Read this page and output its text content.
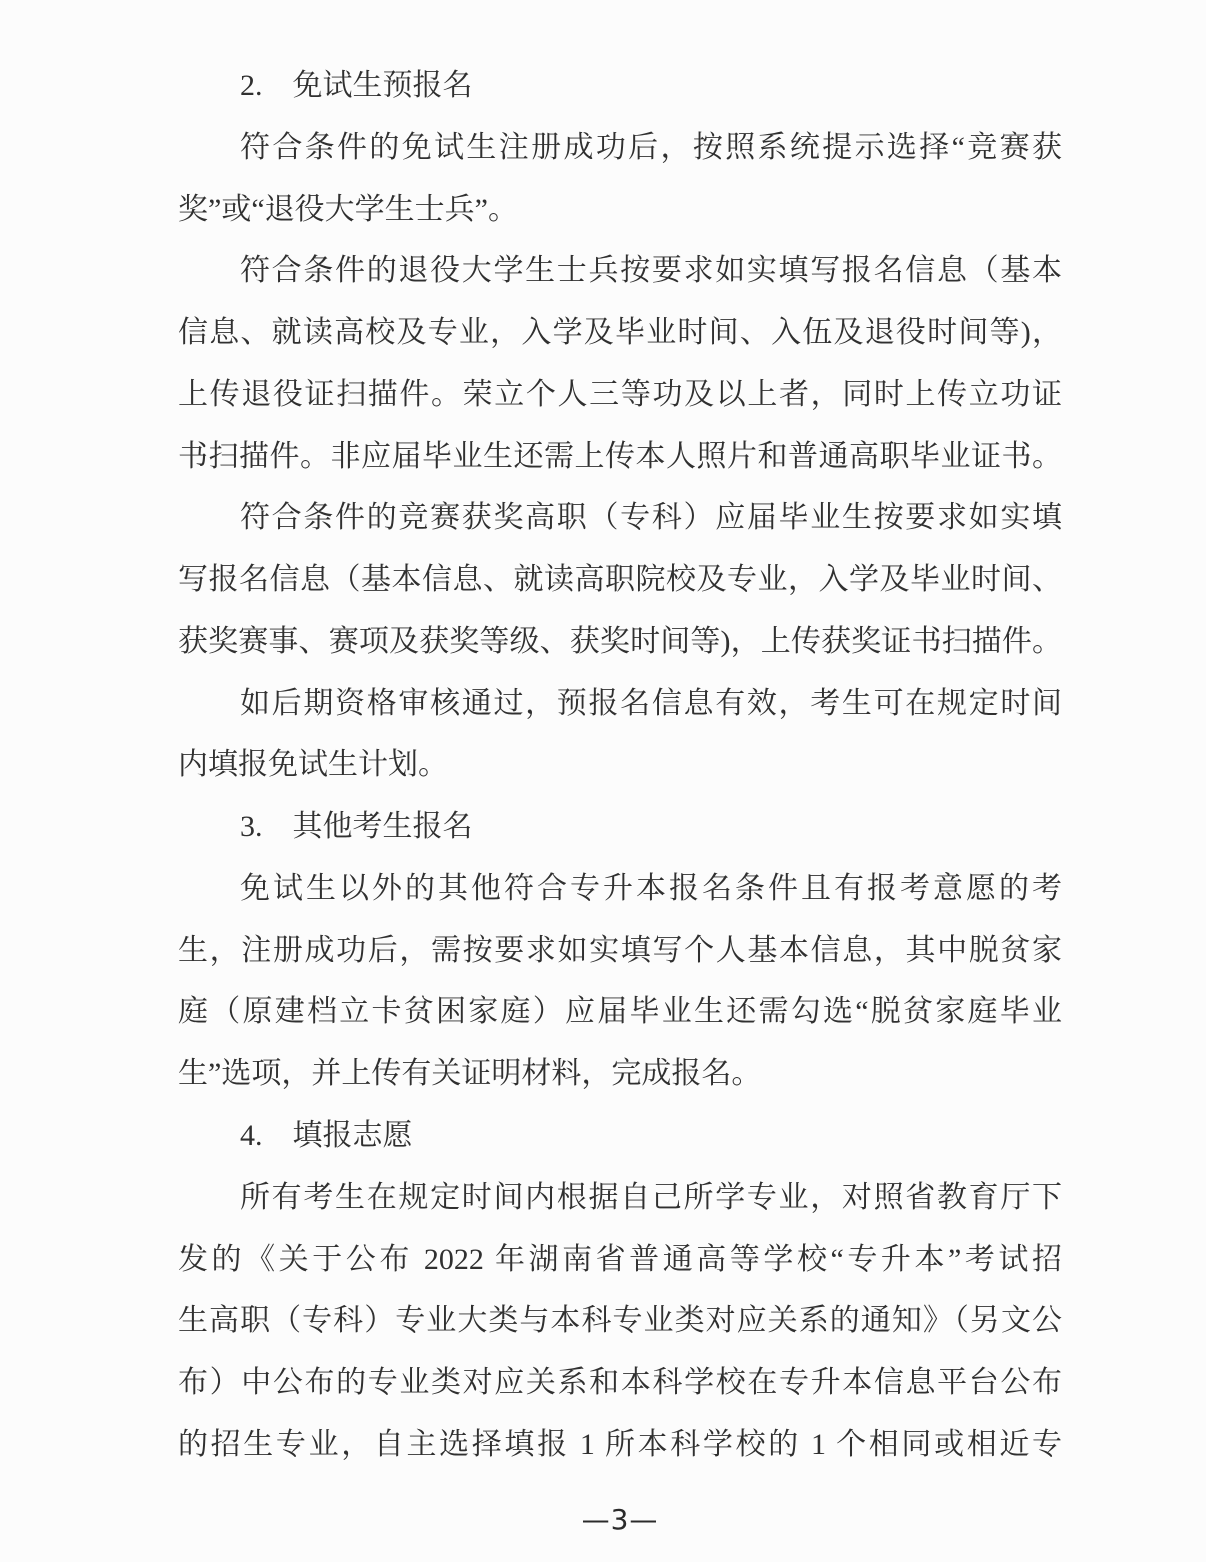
2.　免试生预报名
符合条件的免试生注册成功后，按照系统提示选择“竞赛获
奖”或“退役大学生士兵”。
符合条件的退役大学生士兵按要求如实填写报名信息（基本
信息、就读高校及专业，入学及毕业时间、入伍及退役时间等)，
上传退役证扫描件。荣立个人三等功及以上者，同时上传立功证
书扫描件。非应届毕业生还需上传本人照片和普通高职毕业证书。
符合条件的竞赛获奖高职（专科）应届毕业生按要求如实填
写报名信息（基本信息、就读高职院校及专业，入学及毕业时间、
获奖赛事、赛项及获奖等级、获奖时间等)，上传获奖证书扫描件。
如后期资格审核通过，预报名信息有效，考生可在规定时间
内填报免试生计划。
3.　其他考生报名
免试生以外的其他符合专升本报名条件且有报考意愿的考
生，注册成功后，需按要求如实填写个人基本信息，其中脱贫家
庭（原建档立卡贫困家庭）应届毕业生还需勾选“脱贫家庭毕业
生”选项，并上传有关证明材料，完成报名。
4.　填报志愿
所有考生在规定时间内根据自己所学专业，对照省教育厅下
发的《关于公布 2022 年湖南省普通高等学校“专升本”考试招
生高职（专科）专业大类与本科专业类对应关系的通知》（另文公
布）中公布的专业类对应关系和本科学校在专升本信息平台公布
的招生专业，自主选择填报 1 所本科学校的 1 个相同或相近专
—3—
